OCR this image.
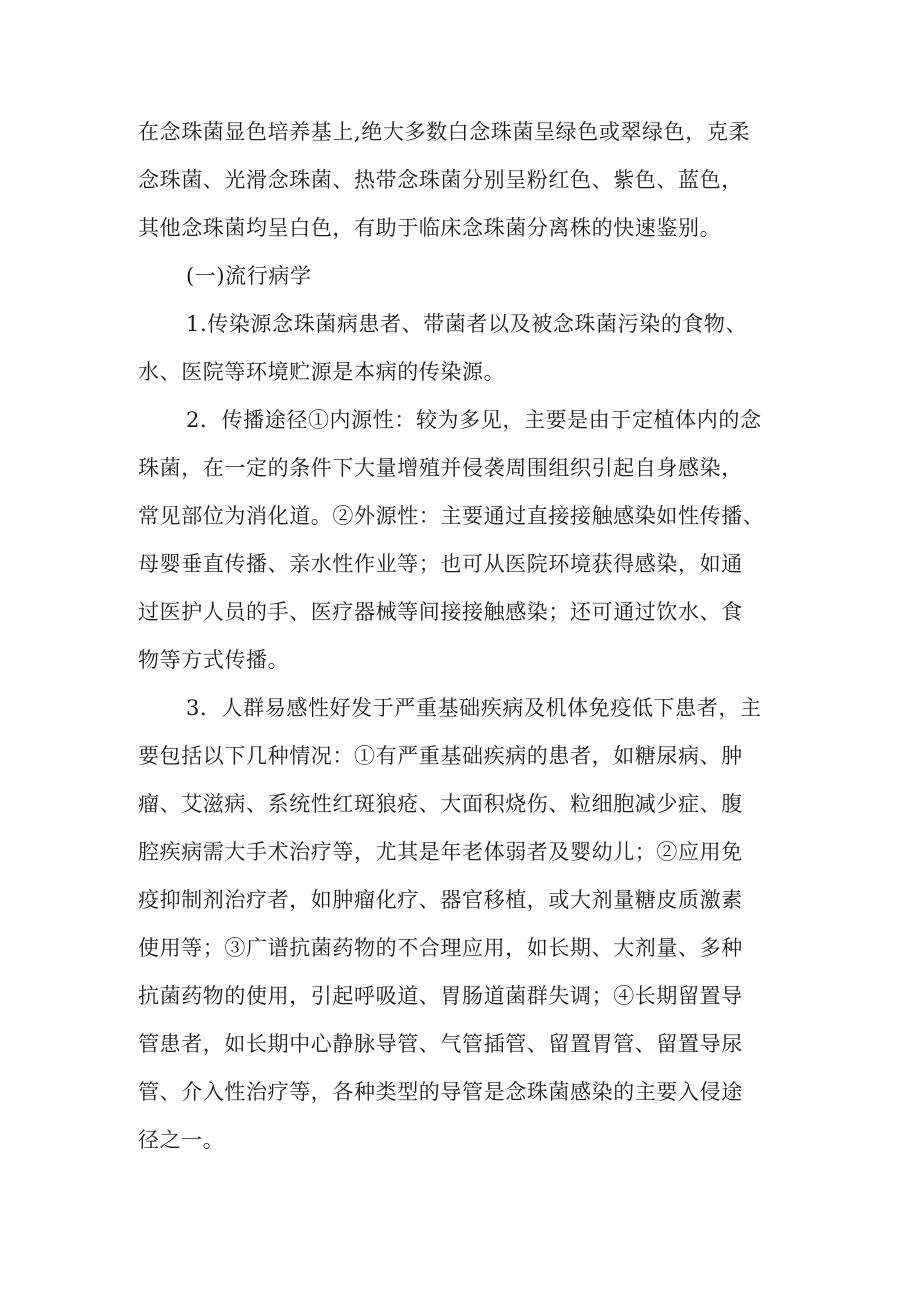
在念珠菌显色培养基上,绝大多数白念珠菌呈绿色或翠绿色，克柔
念珠菌、光滑念珠菌、热带念珠菌分别呈粉红色、紫色、蓝色，
其他念珠菌均呈白色，有助于临床念珠菌分离株的快速鉴别。
(一)流行病学
1.传染源念珠菌病患者、带菌者以及被念珠菌污染的食物、
水、医院等环境贮源是本病的传染源。
2．传播途径①内源性：较为多见，主要是由于定植体内的念
珠菌，在一定的条件下大量增殖并侵袭周围组织引起自身感染，
常见部位为消化道。②外源性：主要通过直接接触感染如性传播、
母婴垂直传播、亲水性作业等；也可从医院环境获得感染，如通
过医护人员的手、医疗器械等间接接触感染；还可通过饮水、食
物等方式传播。
3．人群易感性好发于严重基础疾病及机体免疫低下患者，主
要包括以下几种情况：①有严重基础疾病的患者，如糖尿病、肿
瘤、艾滋病、系统性红斑狼疮、大面积烧伤、粒细胞减少症、腹
腔疾病需大手术治疗等，尤其是年老体弱者及婴幼儿；②应用免
疫抑制剂治疗者，如肿瘤化疗、器官移植，或大剂量糖皮质激素
使用等；③广谱抗菌药物的不合理应用，如长期、大剂量、多种
抗菌药物的使用，引起呼吸道、胃肠道菌群失调；④长期留置导
管患者，如长期中心静脉导管、气管插管、留置胃管、留置导尿
管、介入性治疗等，各种类型的导管是念珠菌感染的主要入侵途
径之一。
